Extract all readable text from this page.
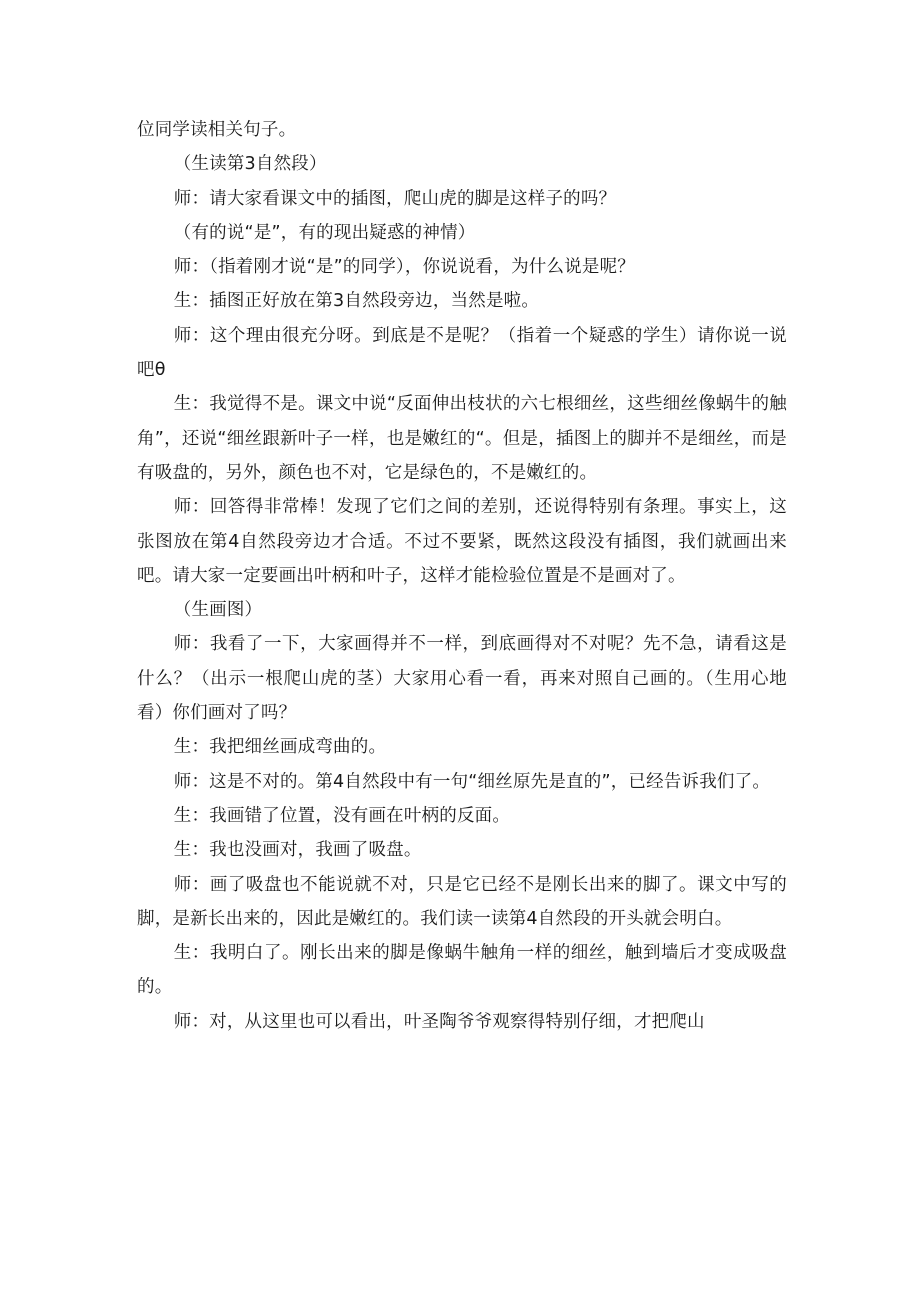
位同学读相关句子。

（生读第3自然段）

师：请大家看课文中的插图，爬山虎的脚是这样子的吗？

（有的说“是”，有的现出疑惑的神情）

师：（指着刚才说“是”的同学），你说说看，为什么说是呢？

生：插图正好放在第3自然段旁边，当然是啦。

师：这个理由很充分呀。到底是不是呢？（指着一个疑惑的学生）请你说一说吧θ

生：我觉得不是。课文中说“反面伸出枝状的六七根细丝，这些细丝像蜗牛的触角”，还说“细丝跟新叶子一样，也是嫩红的“。但是，插图上的脚并不是细丝，而是有吸盘的，另外，颜色也不对，它是绿色的，不是嫩红的。

师：回答得非常棒！发现了它们之间的差别，还说得特别有条理。事实上，这张图放在第4自然段旁边才合适。不过不要紧，既然这段没有插图，我们就画出来吧。请大家一定要画出叶柄和叶子，这样才能检验位置是不是画对了。

（生画图）

师：我看了一下，大家画得并不一样，到底画得对不对呢？先不急，请看这是什么？（出示一根爬山虎的茎）大家用心看一看，再来对照自己画的。（生用心地看）你们画对了吗？

生：我把细丝画成弯曲的。

师：这是不对的。第4自然段中有一句“细丝原先是直的”，已经告诉我们了。

生：我画错了位置，没有画在叶柄的反面。

生：我也没画对，我画了吸盘。

师：画了吸盘也不能说就不对，只是它已经不是刚长出来的脚了。课文中写的脚，是新长出来的，因此是嫩红的。我们读一读第4自然段的开头就会明白。

生：我明白了。刚长出来的脚是像蜗牛触角一样的细丝，触到墙后才变成吸盘的。

师：对，从这里也可以看出，叶圣陶爷爷观察得特别仔细，才把爬山
